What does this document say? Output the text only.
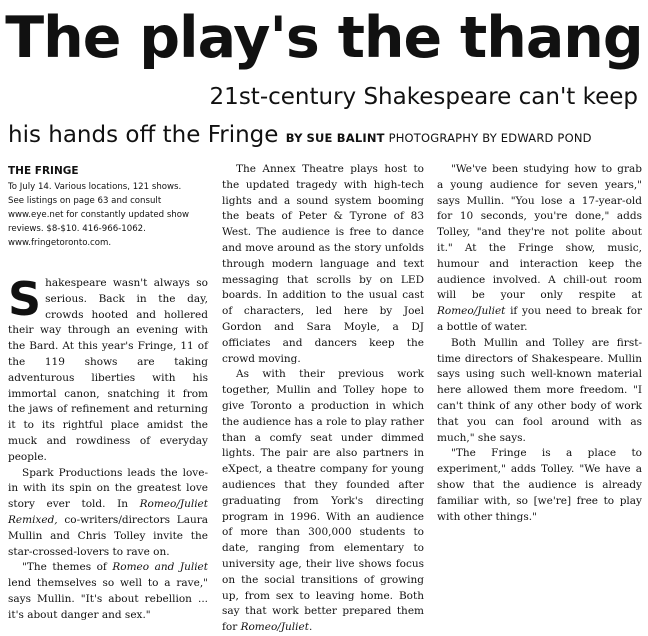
The play's the thang
21st-century Shakespeare can't keep
his hands off the Fringe BY SUE BALINT PHOTOGRAPHY BY EDWARD POND
THE FRINGE
To July 14. Various locations, 121 shows.
See listings on page 63 and consult
www.eye.net for constantly updated show
reviews. $8-$10. 416-966-1062.
www.fringetoronto.com.

Shakespeare wasn't always so serious. Back in the day, crowds hooted and hollered their way through an evening with the Bard. At this year's Fringe, 11 of the 119 shows are taking adventurous liberties with his immortal canon, snatching it from the jaws of refinement and returning it to its rightful place amidst the muck and rowdiness of everyday people.

Spark Productions leads the love-in with its spin on the greatest love story ever told. In Romeo/Juliet Remixed, co-writers/directors Laura Mullin and Chris Tolley invite the star-crossed-lovers to rave on.

"The themes of Romeo and Juliet lend themselves so well to a rave," says Mullin. "It's about rebellion ... it's about danger and sex."

The Annex Theatre plays host to the updated tragedy with high-tech lights and a sound system booming the beats of Peter & Tyrone of 83 West. The audience is free to dance and move around as the story unfolds through modern language and text messaging that scrolls by on LED boards. In addition to the usual cast of characters, led here by Joel Gordon and Sara Moyle, a DJ officiates and dancers keep the crowd moving.

As with their previous work together, Mullin and Tolley hope to give Toronto a production in which the audience has a role to play rather than a comfy seat under dimmed lights. The pair are also partners in eXpect, a theatre company for young audiences that they founded after graduating from York's directing program in 1996. With an audience of more than 300,000 students to date, ranging from elementary to university age, their live shows focus on the social transitions of growing up, from sex to leaving home. Both say that work better prepared them for Romeo/Juliet.

"We've been studying how to grab a young audience for seven years," says Mullin. "You lose a 17-year-old for 10 seconds, you're done," adds Tolley, "and they're not polite about it." At the Fringe show, music, humour and interaction keep the audience involved. A chill-out room will be your only respite at Romeo/Juliet if you need to break for a bottle of water.

Both Mullin and Tolley are first-time directors of Shakespeare. Mullin says using such well-known material here allowed them more freedom. "I can't think of any other body of work that you can fool around with as much," she says.

"The Fringe is a place to experiment," adds Tolley. "We have a show that the audience is already familiar with, so [we're] free to play with other things."
